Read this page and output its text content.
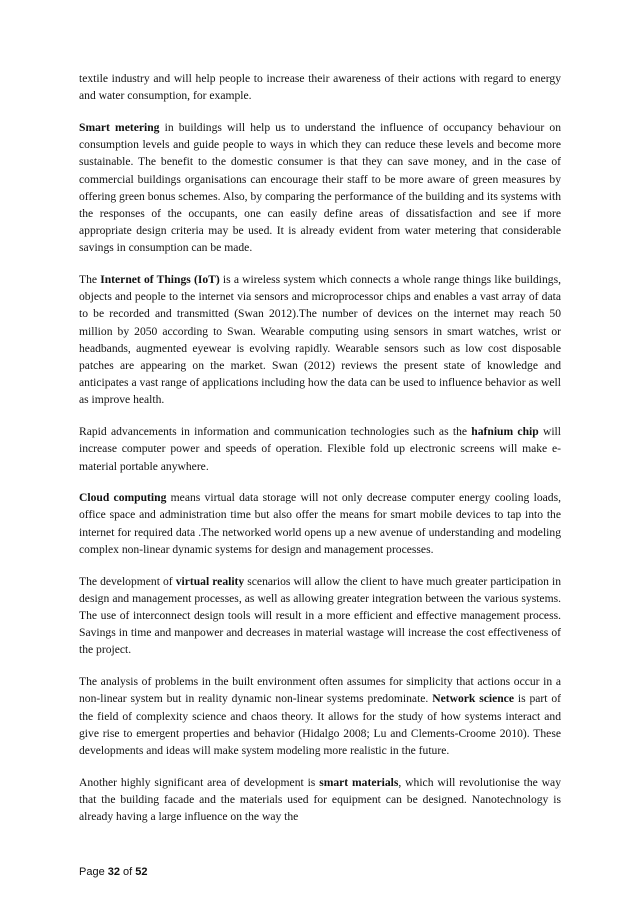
textile industry and will help people to increase their awareness of their actions with regard to energy and water consumption, for example.

Smart metering in buildings will help us to understand the influence of occupancy behaviour on consumption levels and guide people to ways in which they can reduce these levels and become more sustainable. The benefit to the domestic consumer is that they can save money, and in the case of commercial buildings organisations can encourage their staff to be more aware of green measures by offering green bonus schemes. Also, by comparing the performance of the building and its systems with the responses of the occupants, one can easily define areas of dissatisfaction and see if more appropriate design criteria may be used. It is already evident from water metering that considerable savings in consumption can be made.

The Internet of Things (IoT) is a wireless system which connects a whole range things like buildings, objects and people to the internet via sensors and microprocessor chips and enables a vast array of data to be recorded and transmitted (Swan 2012).The number of devices on the internet may reach 50 million by 2050 according to Swan. Wearable computing using sensors in smart watches, wrist or headbands, augmented eyewear is evolving rapidly. Wearable sensors such as low cost disposable patches are appearing on the market. Swan (2012) reviews the present state of knowledge and anticipates a vast range of applications including how the data can be used to influence behavior as well as improve health.

Rapid advancements in information and communication technologies such as the hafnium chip will increase computer power and speeds of operation. Flexible fold up electronic screens will make e-material portable anywhere.

Cloud computing means virtual data storage will not only decrease computer energy cooling loads, office space and administration time but also offer the means for smart mobile devices to tap into the internet for required data .The networked world opens up a new avenue of understanding and modeling complex non-linear dynamic systems for design and management processes.

The development of virtual reality scenarios will allow the client to have much greater participation in design and management processes, as well as allowing greater integration between the various systems. The use of interconnect design tools will result in a more efficient and effective management process. Savings in time and manpower and decreases in material wastage will increase the cost effectiveness of the project.

The analysis of problems in the built environment often assumes for simplicity that actions occur in a non-linear system but in reality dynamic non-linear systems predominate. Network science is part of the field of complexity science and chaos theory. It allows for the study of how systems interact and give rise to emergent properties and behavior (Hidalgo 2008; Lu and Clements-Croome 2010). These developments and ideas will make system modeling more realistic in the future.

Another highly significant area of development is smart materials, which will revolutionise the way that the building facade and the materials used for equipment can be designed. Nanotechnology is already having a large influence on the way the

Page 32 of 52
